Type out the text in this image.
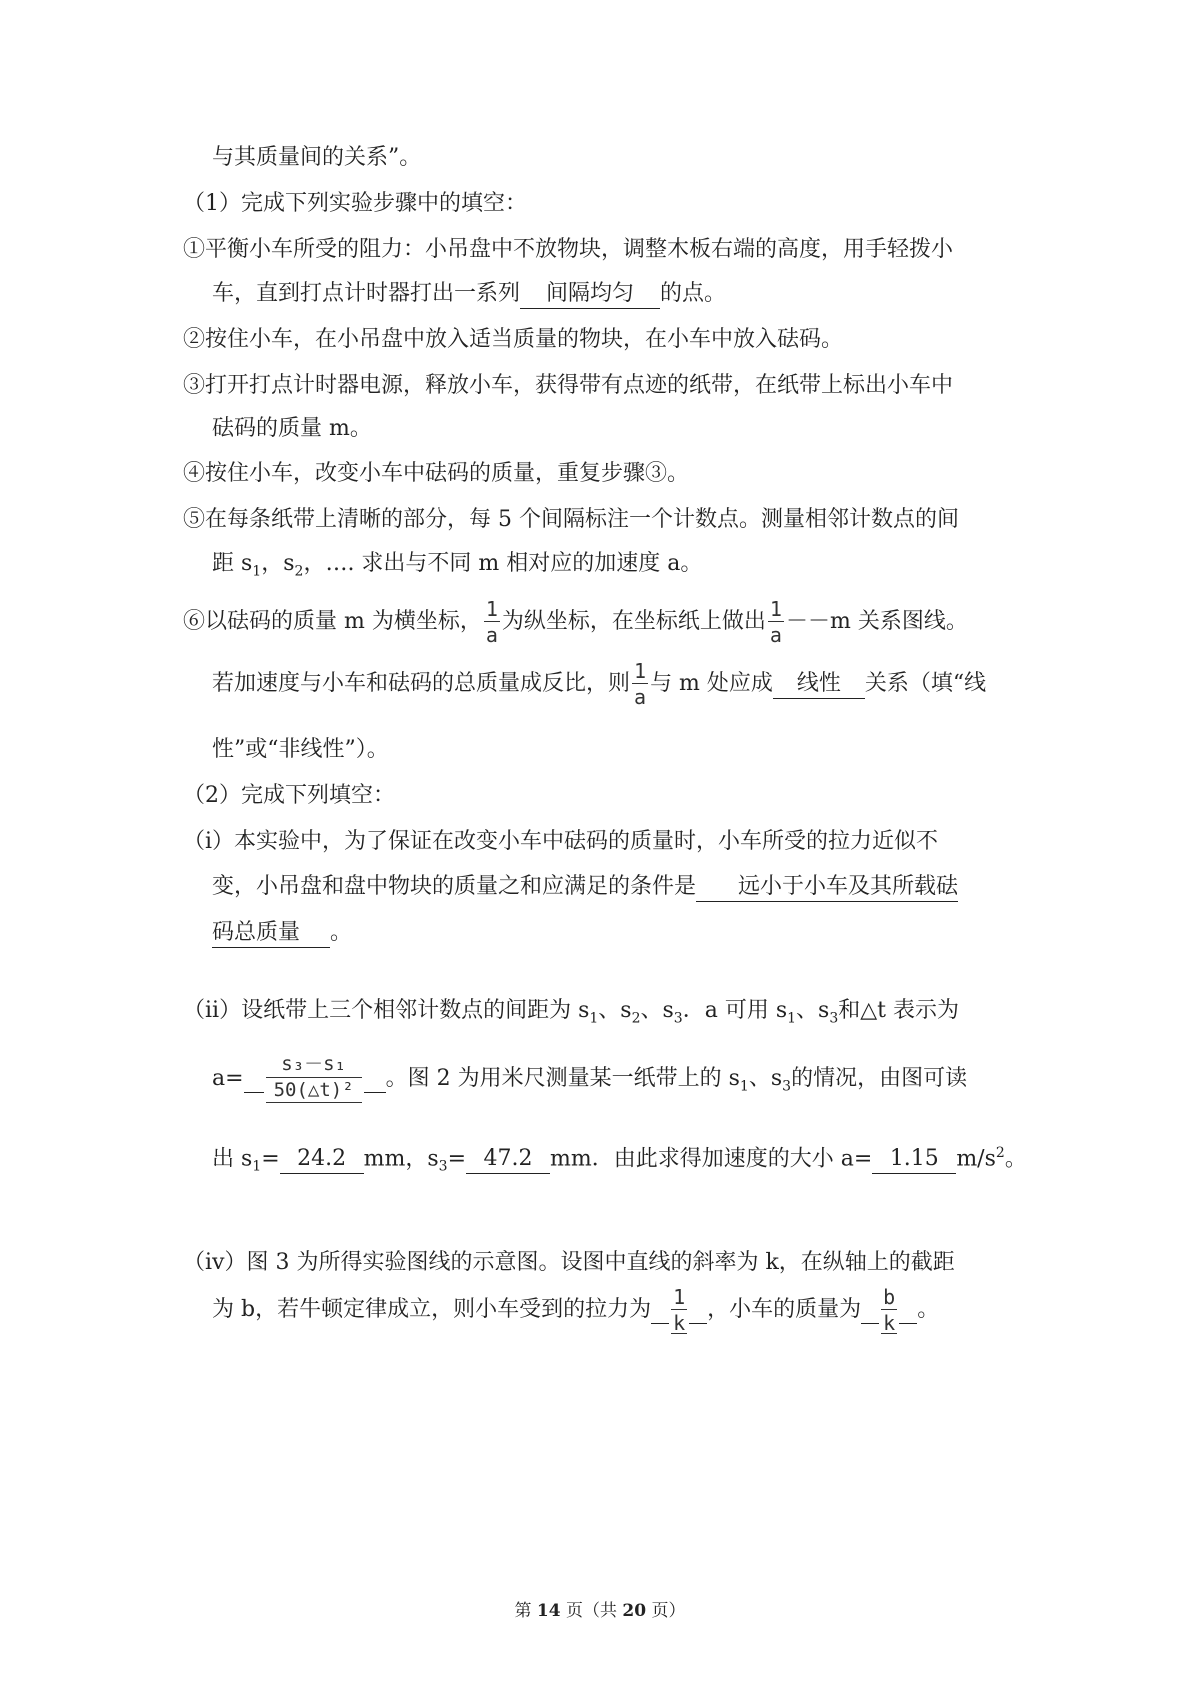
与其质量间的关系”。
（1）完成下列实验步骤中的填空：
①平衡小车所受的阻力：小吊盘中不放物块，调整木板右端的高度，用手轻拨小
车，直到打点计时器打出一系列 间隔均匀 的点。
②按住小车，在小吊盘中放入适当质量的物块，在小车中放入砝码。
③打开打点计时器电源，释放小车，获得带有点迹的纸带，在纸带上标出小车中
砝码的质量 m。
④按住小车，改变小车中砝码的质量，重复步骤③。
⑤在每条纸带上清晰的部分，每 5 个间隔标注一个计数点。测量相邻计数点的间
距 $s_1$，$s_2$，…. 求出与不同 m 相对应的加速度 a。
⑥以砝码的质量 m 为横坐标， $\frac{1}{a}$ 为纵坐标，在坐标纸上做出 $\frac{1}{a} --m$ 关系图线。
若加速度与小车和砝码的总质量成反比，则 $\frac{1}{a}$ 与 m 处应成 线性 关系（填“线
性”或“非线性”）。
（2）完成下列填空：
（ⅰ）本实验中，为了保证在改变小车中砝码的质量时，小车所受的拉力近似不
变，小吊盘和盘中物块的质量之和应满足的条件是 远小于小车及其所载砝
码总质量 。
（ⅱ）设纸带上三个相邻计数点的间距为 $s_1$、$s_2$、$s_3$．a 可用 $s_1$、$s_3$和△t 表示为
$a= \frac{\text{s₃－s₁}}{\text{50(△t)²}}$ 。图 2 为用米尺测量某一纸带上的 $s_1$、$s_3$的情况，由图可读
出 $s_1= 24.2$ mm，$s_3= 47.2$ mm．由此求得加速度的大小 a= 1.15 $m/s^2$。
（ⅳ）图 3 为所得实验图线的示意图。设图中直线的斜率为 k，在纵轴上的截距
为 b，若牛顿定律成立，则小车受到的拉力为 $\frac{1}{k}$ ，小车的质量为 $\frac{b}{k}$ 。
第 14 页（共 20 页）
